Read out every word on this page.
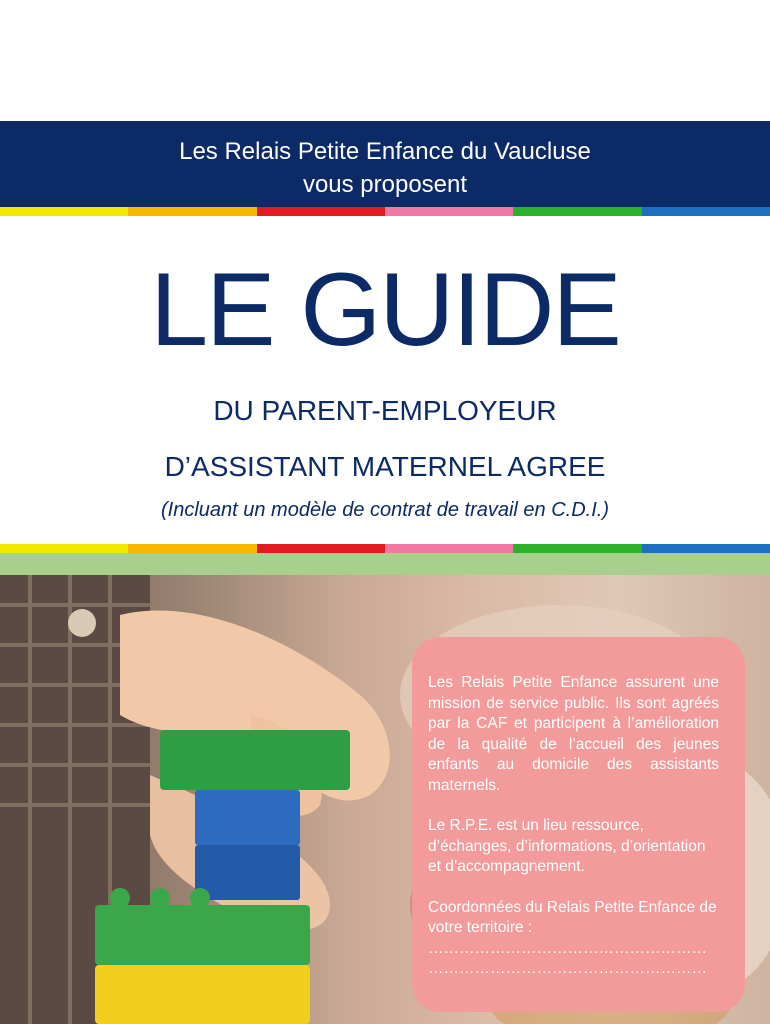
Les Relais Petite Enfance du Vaucluse
vous proposent
LE GUIDE
DU PARENT-EMPLOYEUR
D’ASSISTANT MATERNEL AGREE
(Incluant un modèle de contrat de travail en C.D.I.)

Les Relais Petite Enfance assurent une mission de service public. Ils sont agréés par la CAF et participent à l’amélioration de la qualité de l’accueil des jeunes enfants au domicile des assistants maternels.

Le R.P.E. est un lieu ressource, d’échanges, d’informations, d’orientation et d’accompagnement.

Coordonnées du Relais Petite Enfance de votre territoire :

………………………………………………
………………………………………………
